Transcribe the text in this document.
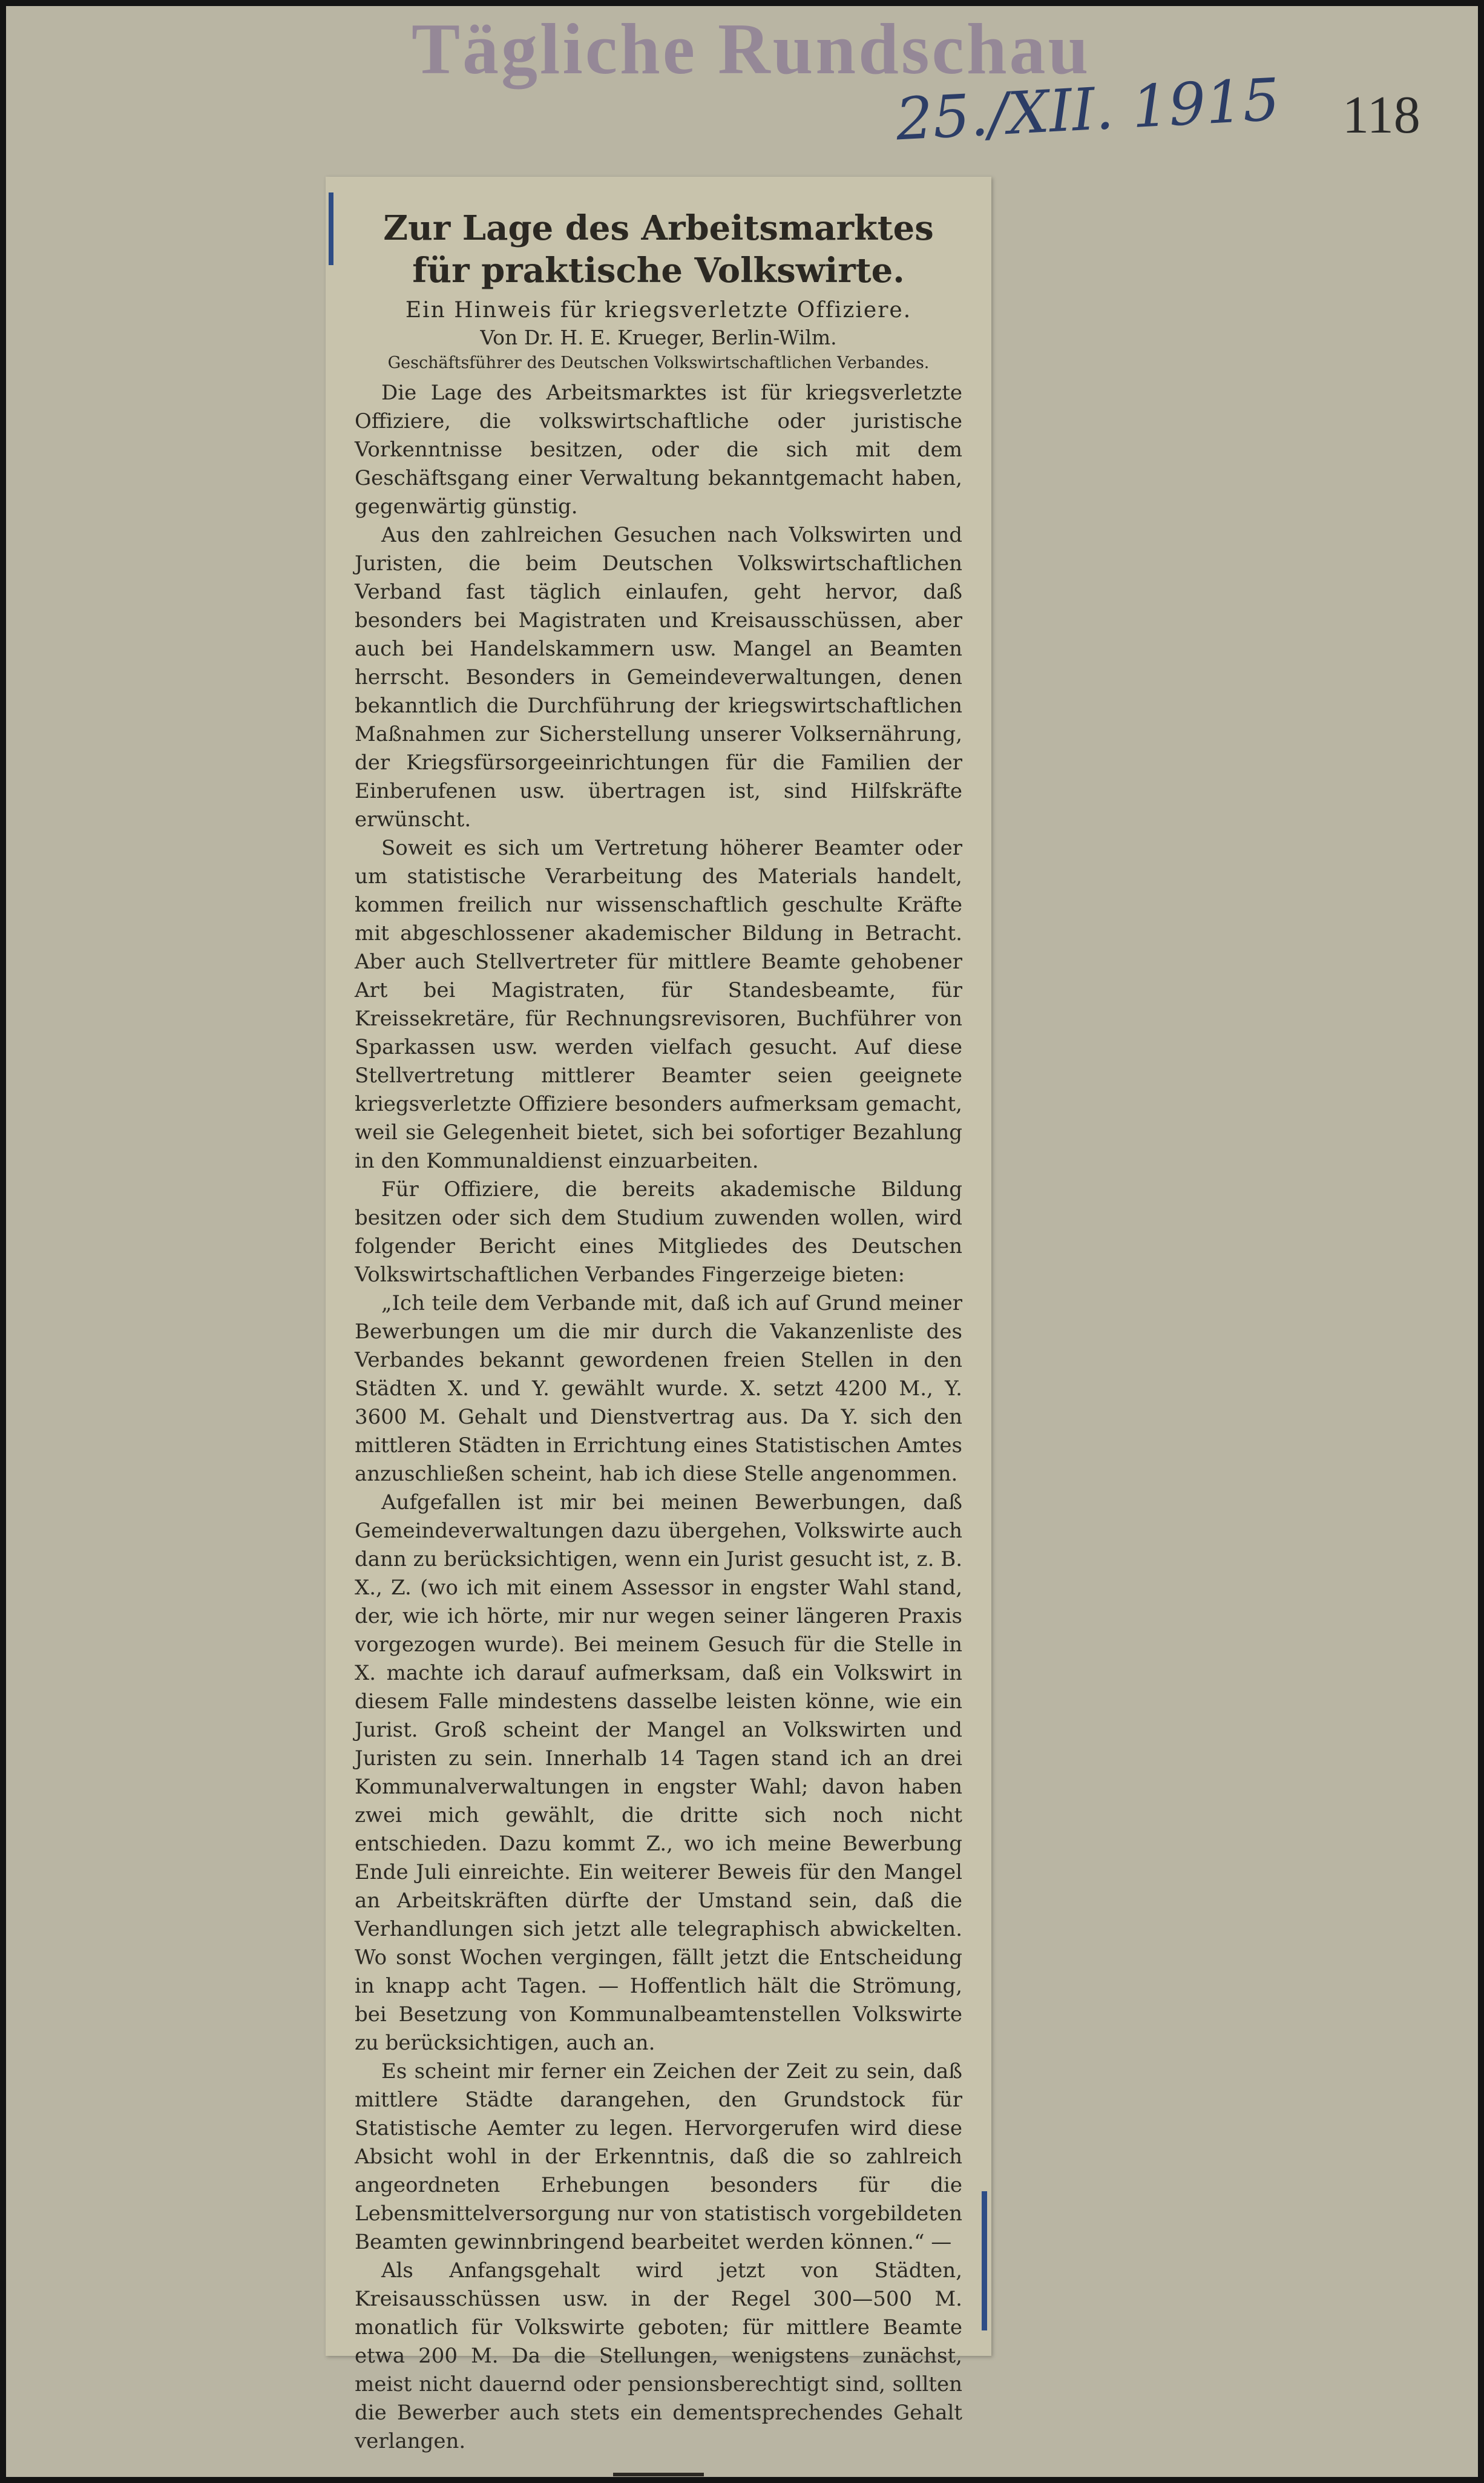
Tägliche Rundschau
25./XII. 1915 118
Zur Lage des Arbeitsmarktes für praktische Volkswirte.
Ein Hinweis für kriegsverletzte Offiziere.
Von Dr. H. E. Krueger, Berlin-Wilm.
Geschäftsführer des Deutschen Volkswirtschaftlichen Verbandes.

Die Lage des Arbeitsmarktes ist für kriegsverletzte Offiziere, die volkswirtschaftliche oder juristische Vorkenntnisse besitzen, oder die sich mit dem Geschäftsgang einer Verwaltung bekanntgemacht haben, gegenwärtig günstig.

Aus den zahlreichen Gesuchen nach Volkswirten und Juristen, die beim Deutschen Volkswirtschaftlichen Verband fast täglich einlaufen, geht hervor, daß besonders bei Magistraten und Kreisausschüssen, aber auch bei Handelskammern usw. Mangel an Beamten herrscht. Besonders in Gemeindeverwaltungen, denen bekanntlich die Durchführung der kriegswirtschaftlichen Maßnahmen zur Sicherstellung unserer Volksernährung, der Kriegsfürsorgeeinrichtungen für die Familien der Einberufenen usw. übertragen ist, sind Hilfskräfte erwünscht.

Soweit es sich um Vertretung höherer Beamter oder um statistische Verarbeitung des Materials handelt, kommen freilich nur wissenschaftlich geschulte Kräfte mit abgeschlossener akademischer Bildung in Betracht. Aber auch Stellvertreter für mittlere Beamte gehobener Art bei Magistraten, für Standesbeamte, für Kreissekretäre, für Rechnungsrevisoren, Buchführer von Sparkassen usw. werden vielfach gesucht. Auf diese Stellvertretung mittlerer Beamter seien geeignete kriegsverletzte Offiziere besonders aufmerksam gemacht, weil sie Gelegenheit bietet, sich bei sofortiger Bezahlung in den Kommunaldienst einzuarbeiten.

Für Offiziere, die bereits akademische Bildung besitzen oder sich dem Studium zuwenden wollen, wird folgender Bericht eines Mitgliedes des Deutschen Volkswirtschaftlichen Verbandes Fingerzeige bieten:

„Ich teile dem Verbande mit, daß ich auf Grund meiner Bewerbungen um die mir durch die Vakanzenliste des Verbandes bekannt gewordenen freien Stellen in den Städten X. und Y. gewählt wurde. X. setzt 4200 M., Y. 3600 M. Gehalt und Dienstvertrag aus. Da Y. sich den mittleren Städten in Errichtung eines Statistischen Amtes anzuschließen scheint, hab ich diese Stelle angenommen.

Aufgefallen ist mir bei meinen Bewerbungen, daß Gemeindeverwaltungen dazu übergehen, Volkswirte auch dann zu berücksichtigen, wenn ein Jurist gesucht ist, z. B. X., Z. (wo ich mit einem Assessor in engster Wahl stand, der, wie ich hörte, mir nur wegen seiner längeren Praxis vorgezogen wurde). Bei meinem Gesuch für die Stelle in X. machte ich darauf aufmerksam, daß ein Volkswirt in diesem Falle mindestens dasselbe leisten könne, wie ein Jurist. Groß scheint der Mangel an Volkswirten und Juristen zu sein. Innerhalb 14 Tagen stand ich an drei Kommunalverwaltungen in engster Wahl; davon haben zwei mich gewählt, die dritte sich noch nicht entschieden. Dazu kommt Z., wo ich meine Bewerbung Ende Juli einreichte. Ein weiterer Beweis für den Mangel an Arbeitskräften dürfte der Umstand sein, daß die Verhandlungen sich jetzt alle telegraphisch abwickelten. Wo sonst Wochen vergingen, fällt jetzt die Entscheidung in knapp acht Tagen. — Hoffentlich hält die Strömung, bei Besetzung von Kommunalbeamtenstellen Volkswirte zu berücksichtigen, auch an.

Es scheint mir ferner ein Zeichen der Zeit zu sein, daß mittlere Städte darangehen, den Grundstock für Statistische Aemter zu legen. Hervorgerufen wird diese Absicht wohl in der Erkenntnis, daß die so zahlreich angeordneten Erhebungen besonders für die Lebensmittelversorgung nur von statistisch vorgebildeten Beamten gewinnbringend bearbeitet werden können.“ —

Als Anfangsgehalt wird jetzt von Städten, Kreisausschüssen usw. in der Regel 300—500 M. monatlich für Volkswirte geboten; für mittlere Beamte etwa 200 M. Da die Stellungen, wenigstens zunächst, meist nicht dauernd oder pensionsberechtigt sind, sollten die Bewerber auch stets ein dementsprechendes Gehalt verlangen.
